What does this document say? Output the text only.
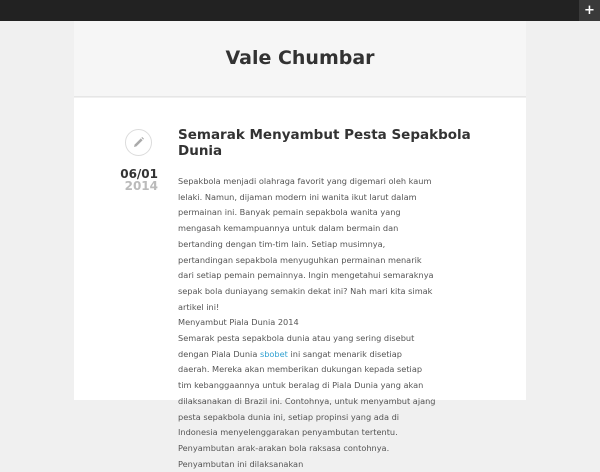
+
Vale Chumbar
06/01
2014
Semarak Menyambut Pesta Sepakbola Dunia

Sepakbola menjadi olahraga favorit yang digemari oleh kaum lelaki. Namun, dijaman modern ini wanita ikut larut dalam permainan ini. Banyak pemain sepakbola wanita yang mengasah kemampuannya untuk dalam bermain dan bertanding dengan tim-tim lain. Setiap musimnya, pertandingan sepakbola menyuguhkan permainan menarik dari setiap pemain pemainnya. Ingin mengetahui semaraknya sepak bola duniayang semakin dekat ini? Nah mari kita simak artikel ini!

Menyambut Piala Dunia 2014

Semarak pesta sepakbola dunia atau yang sering disebut dengan Piala Dunia sbobet ini sangat menarik disetiap daerah. Mereka akan memberikan dukungan kepada setiap tim kebanggaannya untuk beralag di Piala Dunia yang akan dilaksanakan di Brazil ini. Contohnya, untuk menyambut ajang pesta sepakbola dunia ini, setiap propinsi yang ada di Indonesia menyelenggarakan penyambutan tertentu. Penyambutan arak-arakan bola raksasa contohnya. Penyambutan ini dilaksanakan
